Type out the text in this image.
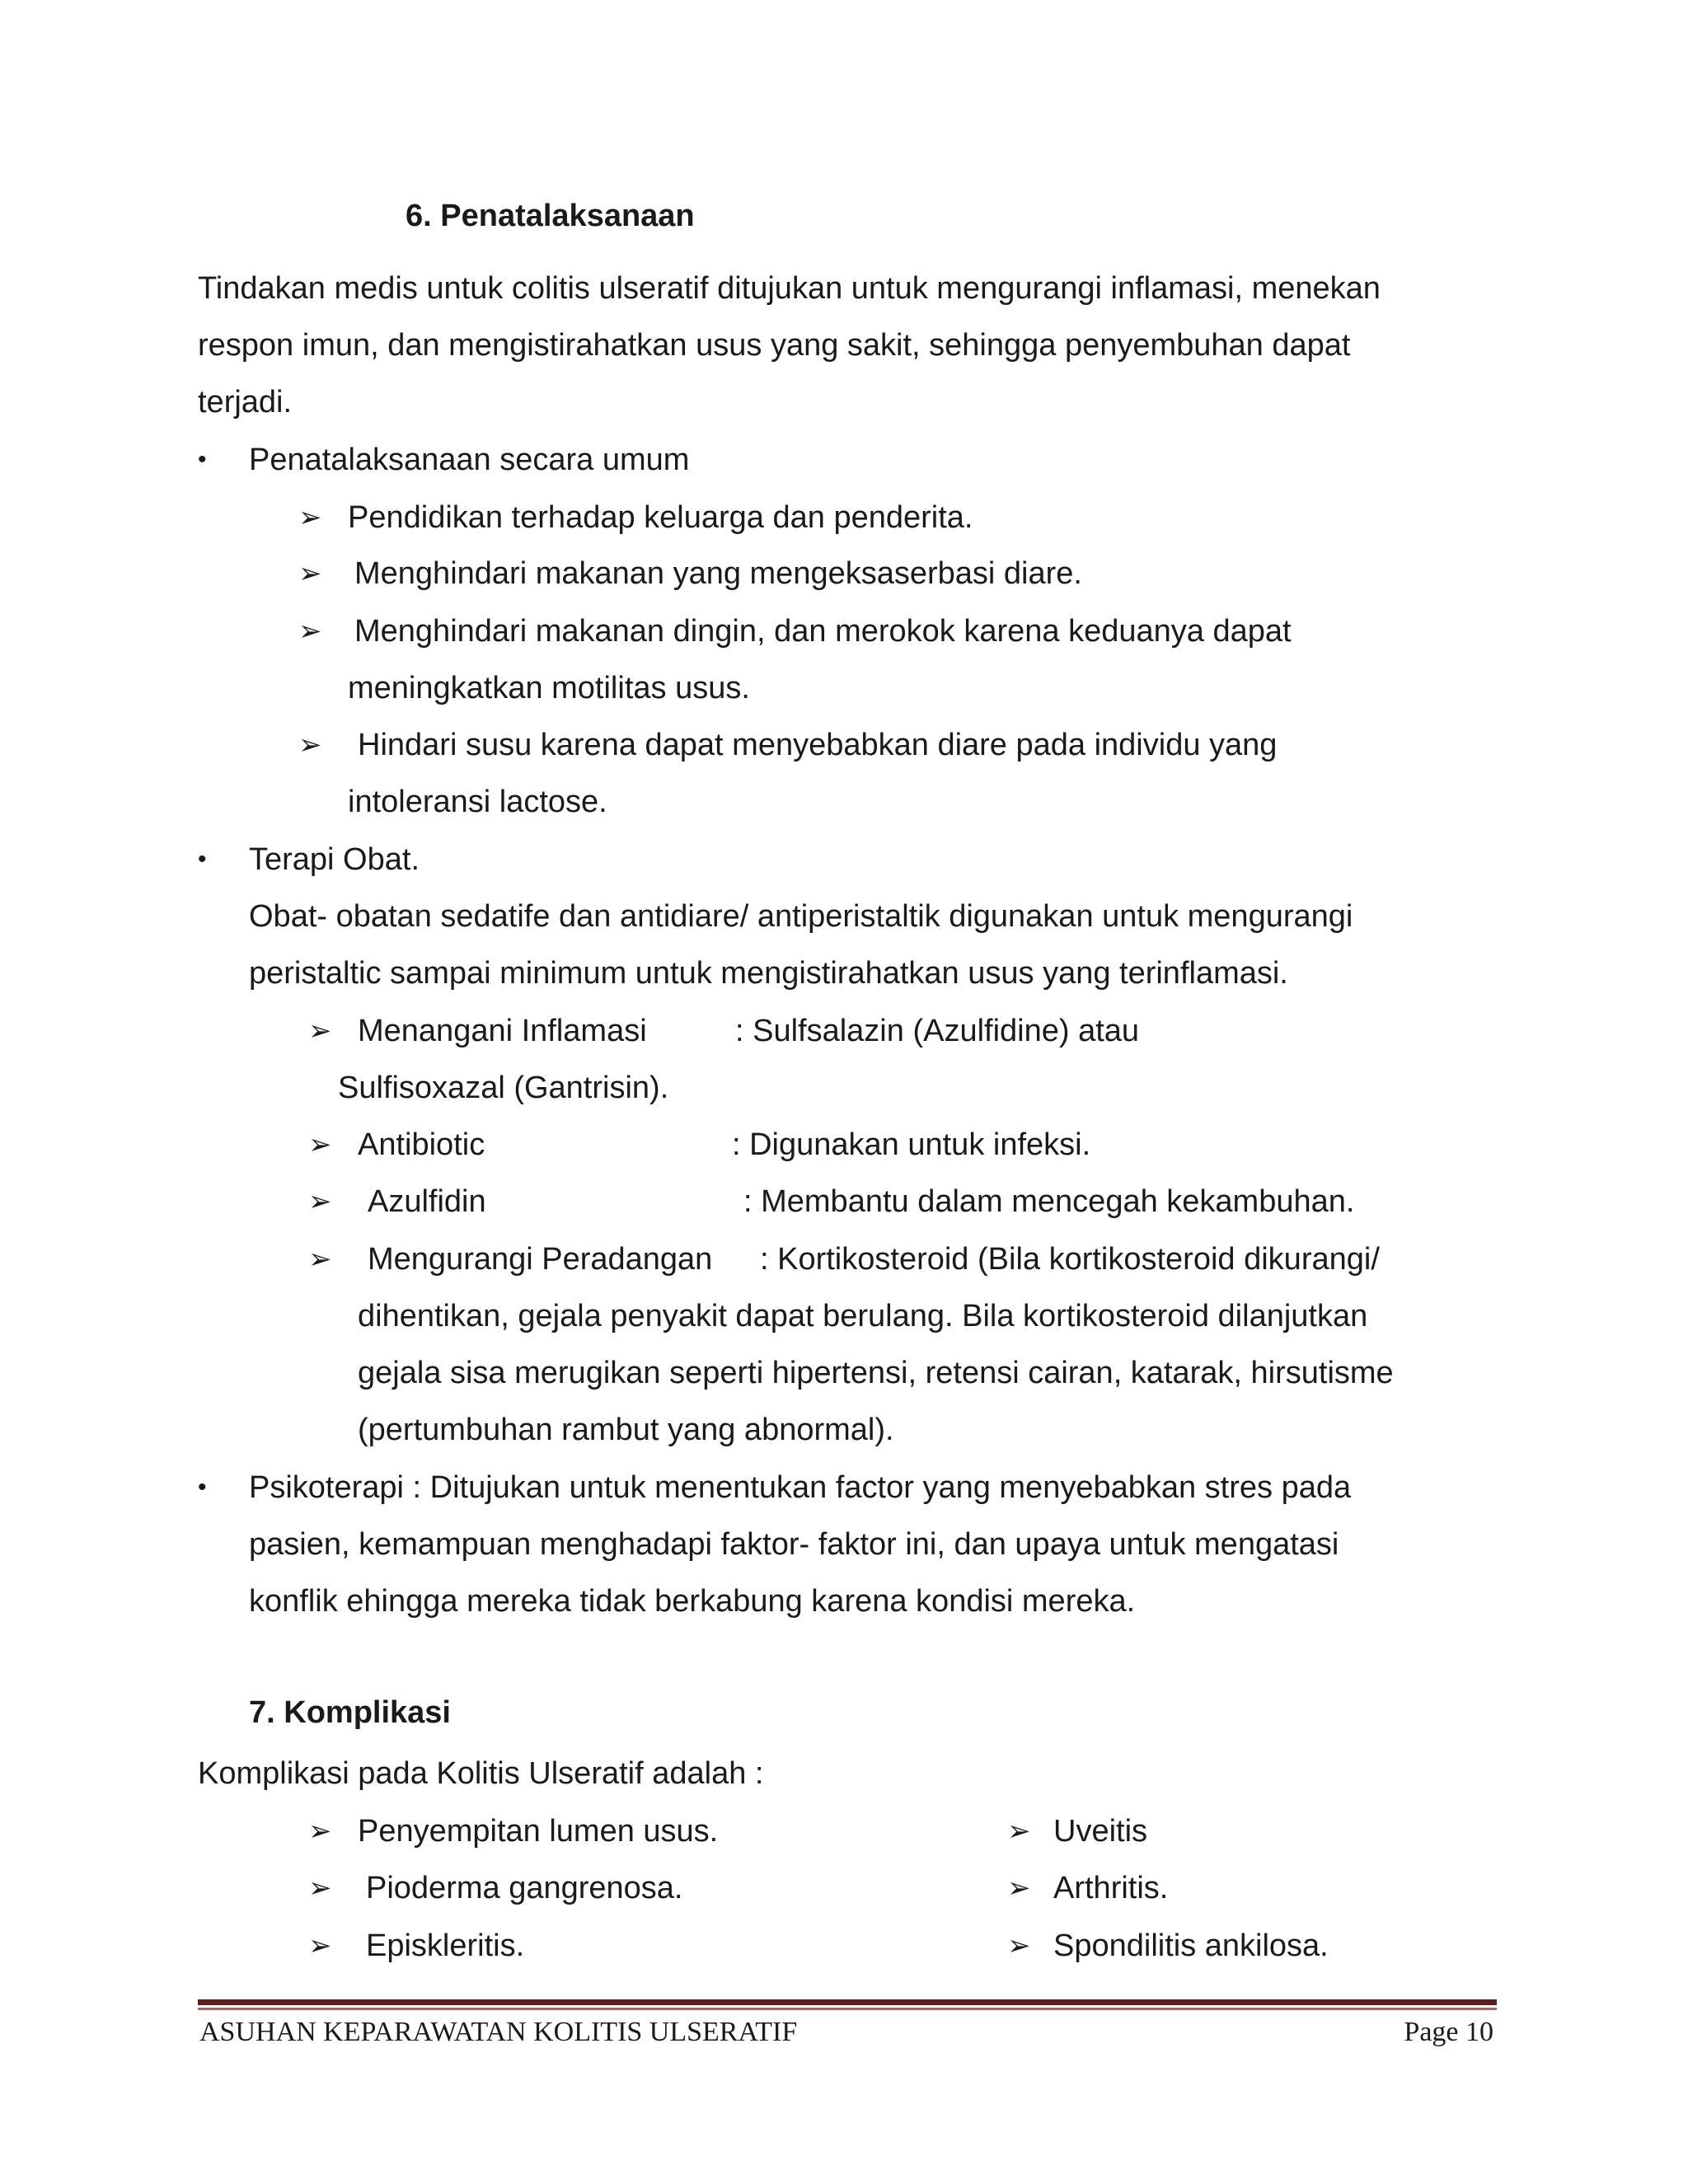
6. Penatalaksanaan
Tindakan medis untuk colitis ulseratif ditujukan untuk mengurangi inflamasi, menekan
respon imun, dan mengistirahatkan usus yang sakit, sehingga penyembuhan dapat
terjadi.
• Penatalaksanaan secara umum
➢ Pendidikan terhadap keluarga dan penderita.
➢ Menghindari makanan yang mengeksaserbasi diare.
➢ Menghindari makanan dingin, dan merokok karena keduanya dapat
meningkatkan motilitas usus.
➢ Hindari susu karena dapat menyebabkan diare pada individu yang
intoleransi lactose.
• Terapi Obat.
Obat- obatan sedatife dan antidiare/ antiperistaltik digunakan untuk mengurangi
peristaltic sampai minimum untuk mengistirahatkan usus yang terinflamasi.
➢ Menangani Inflamasi	: Sulfsalazin (Azulfidine) atau
Sulfisoxazal (Gantrisin).
➢ Antibiotic	: Digunakan untuk infeksi.
➢ Azulfidin	: Membantu dalam mencegah kekambuhan.
➢ Mengurangi Peradangan : Kortikosteroid (Bila kortikosteroid dikurangi/
dihentikan, gejala penyakit dapat berulang. Bila kortikosteroid dilanjutkan
gejala sisa merugikan seperti hipertensi, retensi cairan, katarak, hirsutisme
(pertumbuhan rambut yang abnormal).
• Psikoterapi : Ditujukan untuk menentukan factor yang menyebabkan stres pada
pasien, kemampuan menghadapi faktor- faktor ini, dan upaya untuk mengatasi
konflik ehingga mereka tidak berkabung karena kondisi mereka.
7. Komplikasi
Komplikasi pada Kolitis Ulseratif adalah :
➢ Penyempitan lumen usus.
➢ Pioderma gangrenosa.
➢ Episkleritis.
➢ Uveitis
➢ Arthritis.
➢ Spondilitis ankilosa.
ASUHAN KEPARAWATAN KOLITIS ULSERATIF	Page 10
